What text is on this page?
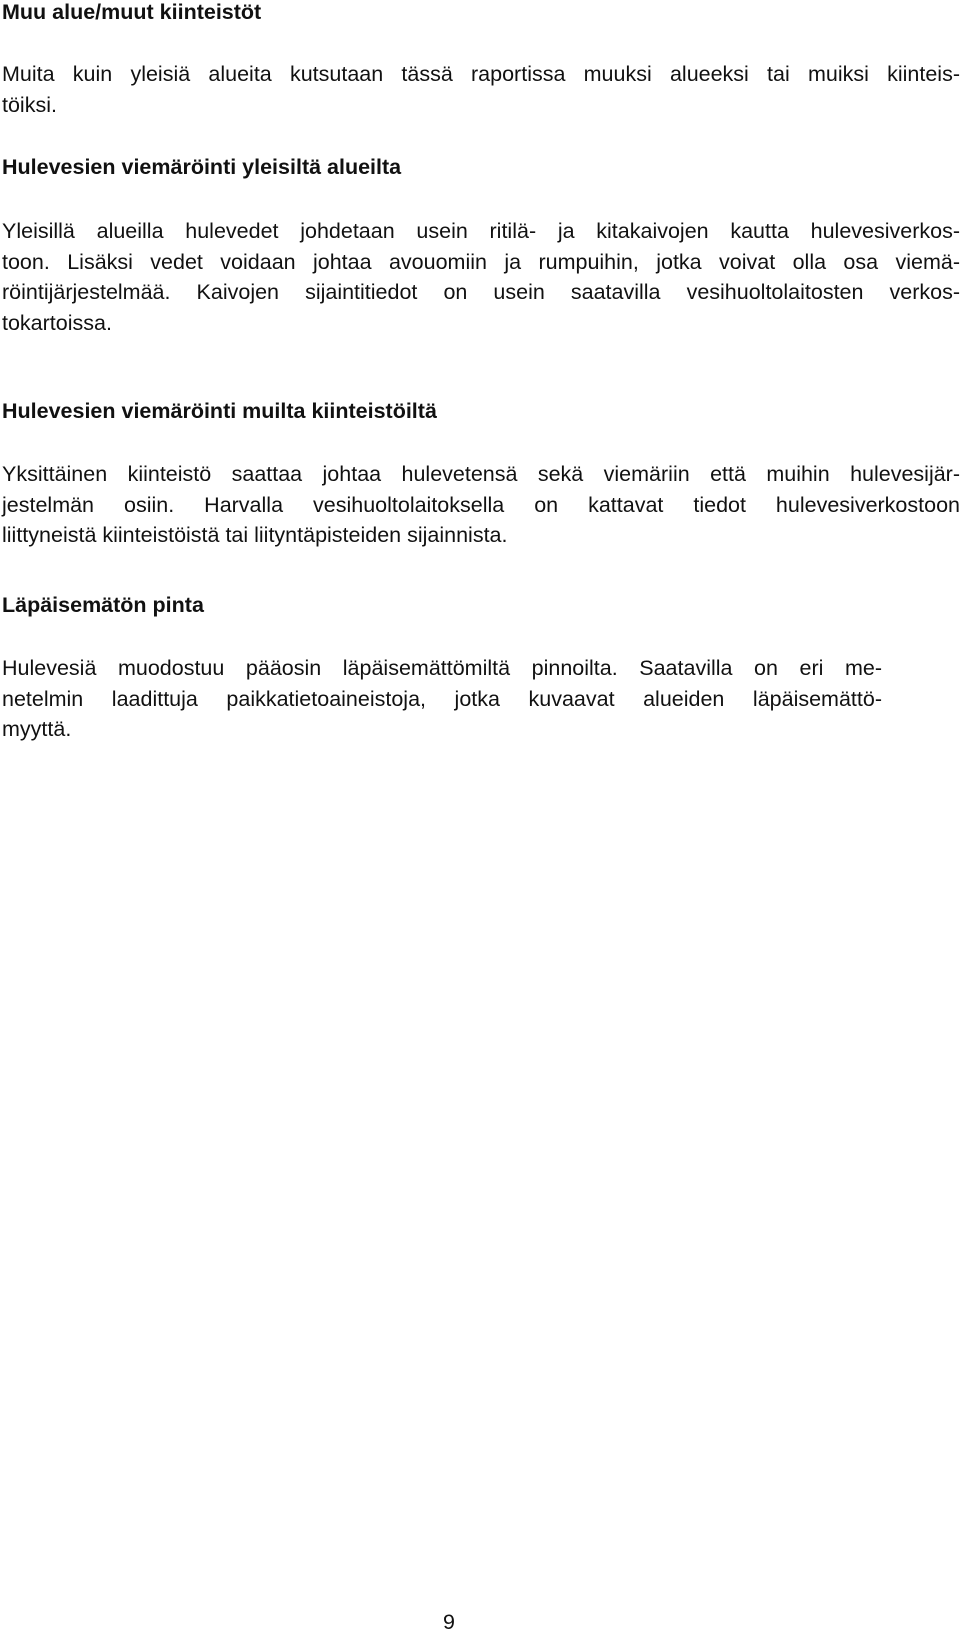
Muu alue/muut kiinteistöt

Muita kuin yleisiä alueita kutsutaan tässä raportissa muuksi alueeksi tai muiksi kiinteis-
töiksi.

Hulevesien viemäröinti yleisiltä alueilta

Yleisillä alueilla hulevedet johdetaan usein ritilä- ja kitakaivojen kautta hulevesiverkos-
toon. Lisäksi vedet voidaan johtaa avouomiin ja rumpuihin, jotka voivat olla osa viemä-
röintijärjestelmää. Kaivojen sijaintitiedot on usein saatavilla vesihuoltolaitosten verkos-
tokartoissa.

Hulevesien viemäröinti muilta kiinteistöiltä

Yksittäinen kiinteistö saattaa johtaa hulevetensä sekä viemäriin että muihin hulevesijär-
jestelmän osiin. Harvalla vesihuoltolaitoksella on kattavat tiedot hulevesiverkostoon
liittyneistä kiinteistöistä tai liityntäpisteiden sijainnista.

Läpäisemätön pinta

Hulevesiä muodostuu pääosin läpäisemättömiltä pinnoilta. Saatavilla on eri me-
netelmin laadittuja paikkatietoaineistoja, jotka kuvaavat alueiden läpäisemättö-
myyttä.

9
